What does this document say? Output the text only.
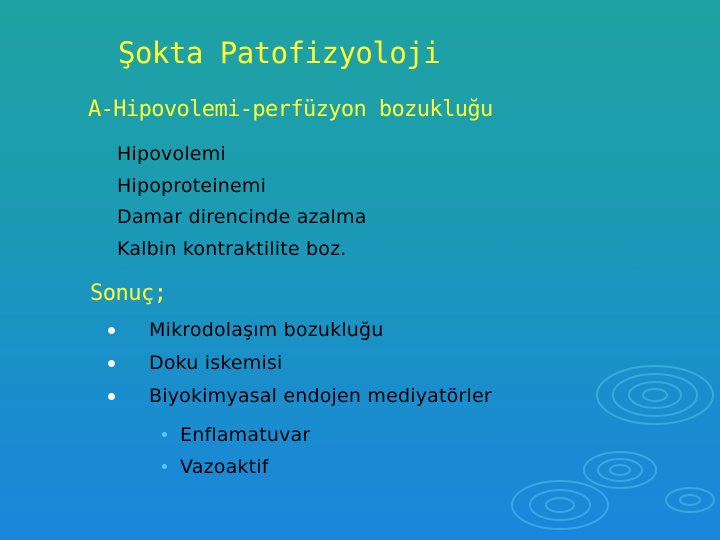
Şokta Patofizyoloji
A-Hipovolemi-perfüzyon bozukluğu
Hipovolemi
Hipoproteinemi
Damar direncinde azalma
Kalbin kontraktilite boz.
Sonuç;
Mikrodolaşım bozukluğu
Doku iskemisi
Biyokimyasal endojen mediyatörler
Enflamatuvar
Vazoaktif
